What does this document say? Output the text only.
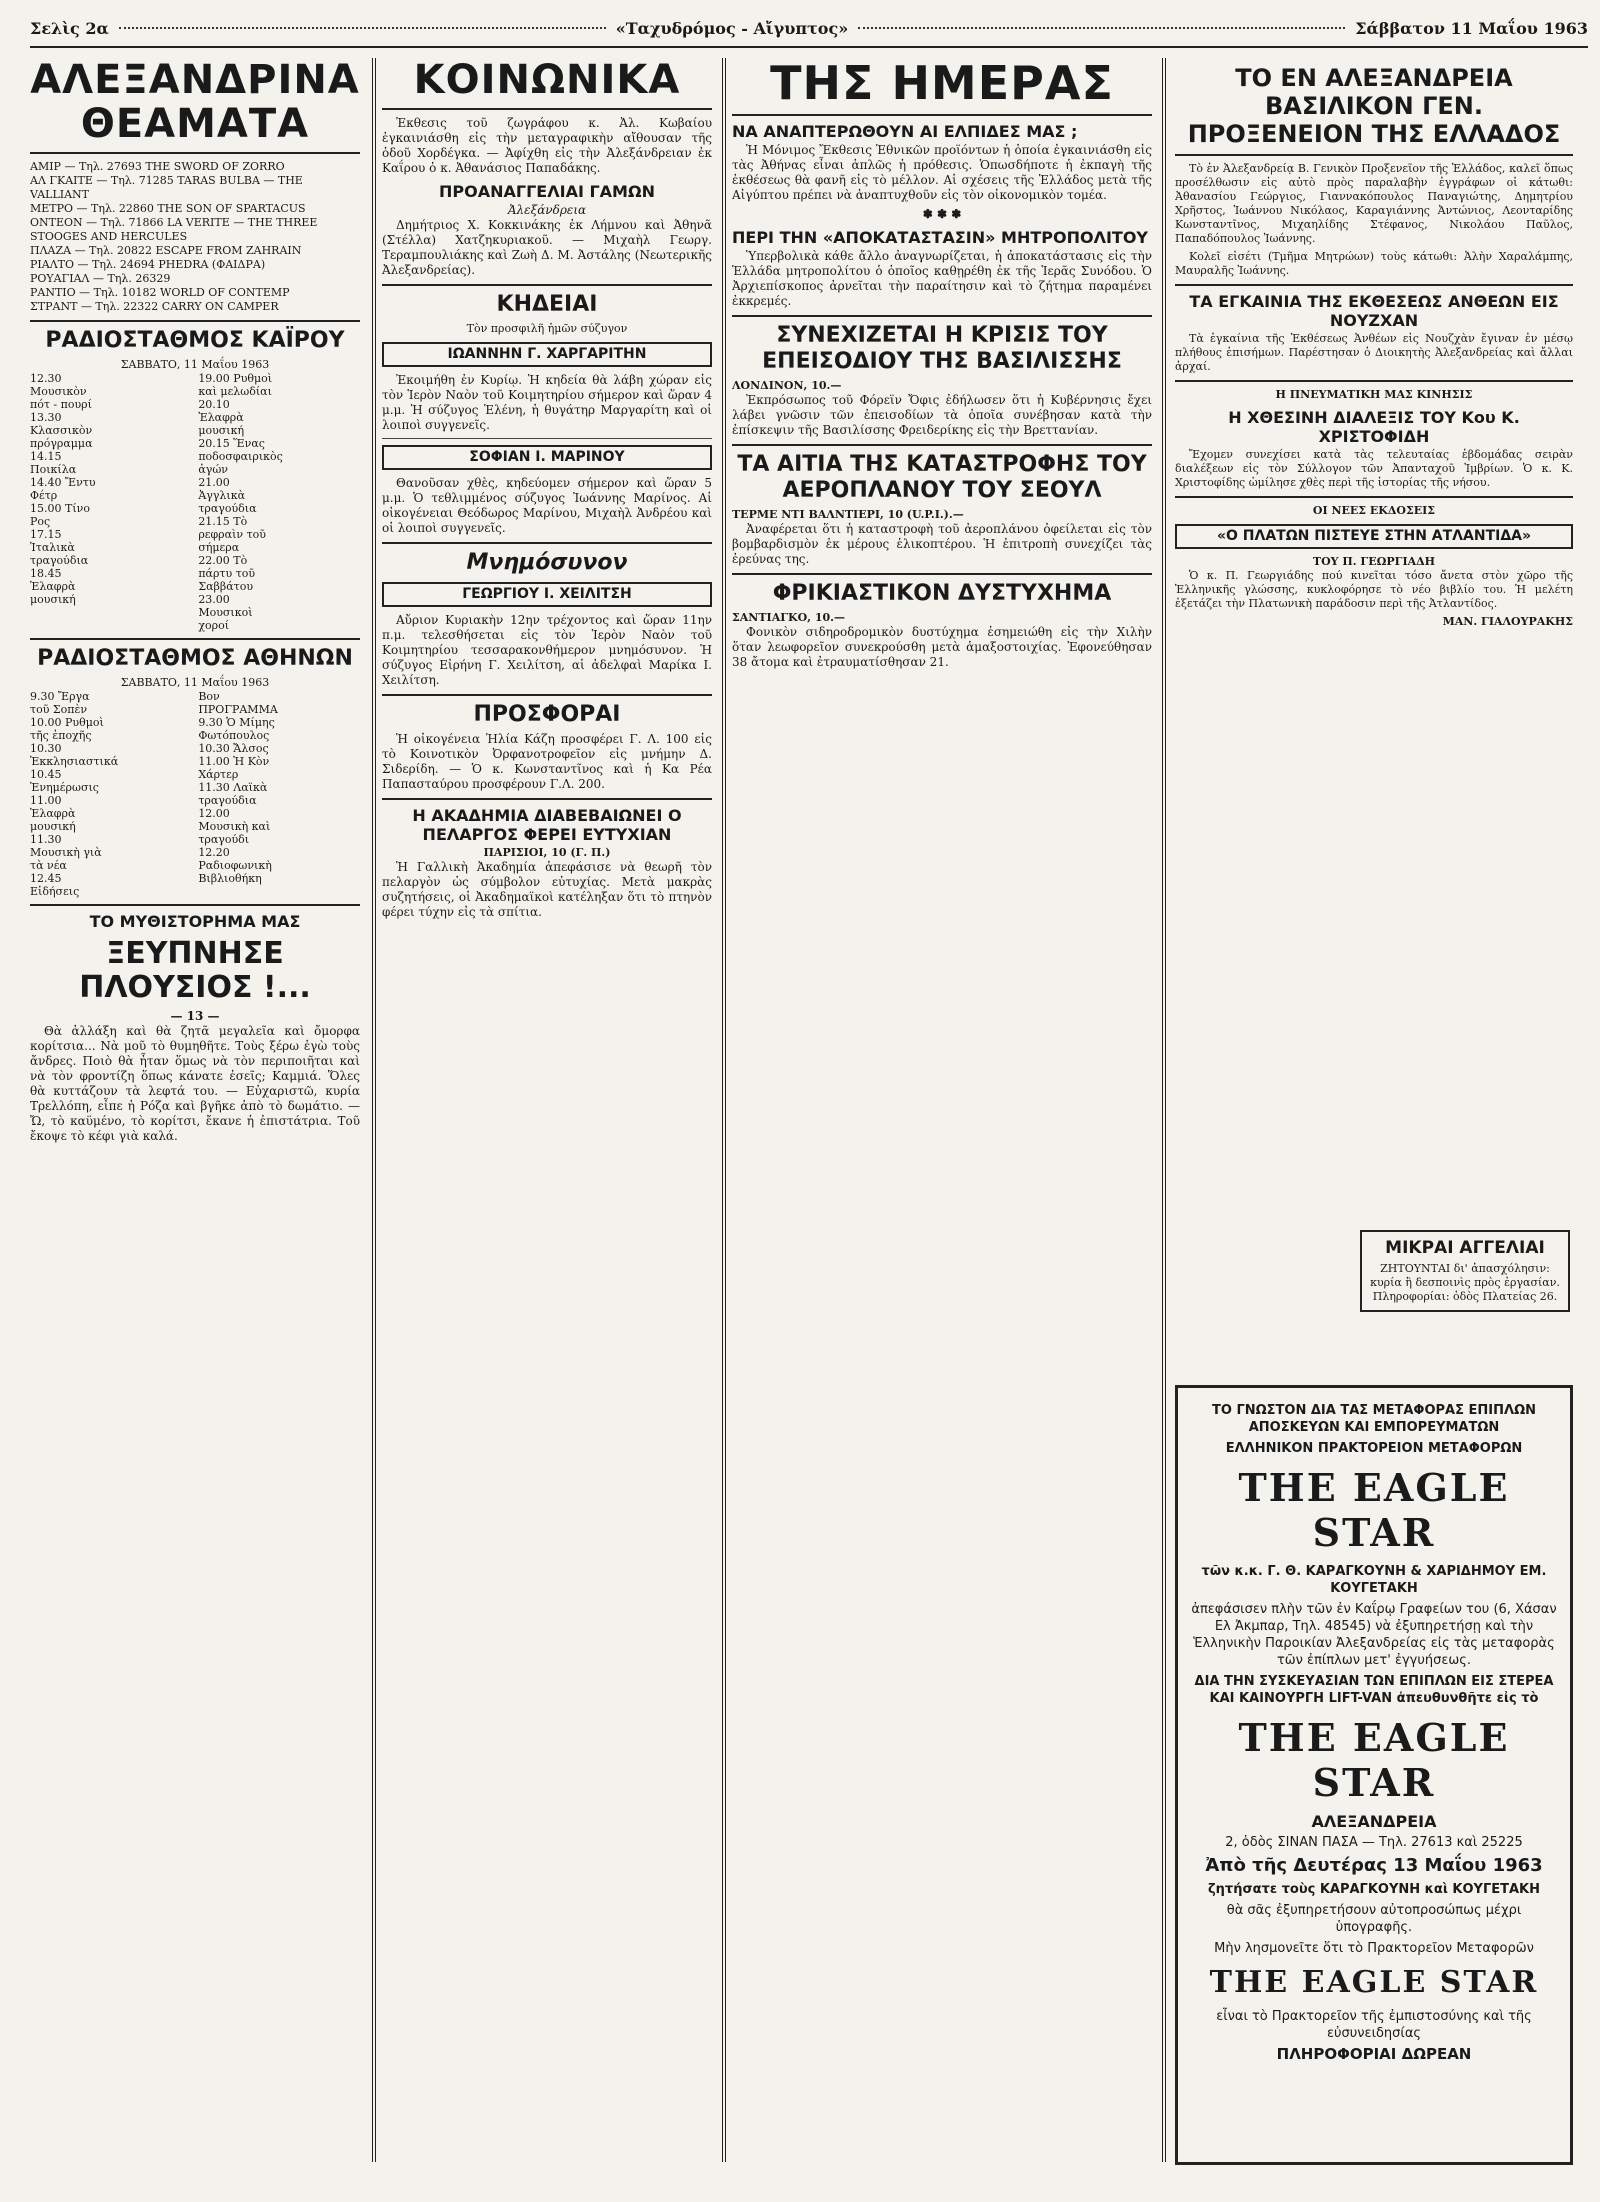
Σελὶς 2α	«Ταχυδρόμος - Αἴγυπτος»	Σάββατον 11 Μαΐου 1963
ΑΛΕΞΑΝΔΡΙΝΑ ΘΕΑΜΑΤΑ
ΑΜΙΡ — Τηλ. 27693 THE SWORD OF ZORRO
ΑΛ ΓΚΑΙΤΕ — Τηλ. 71285 TARAS BULBA — THE VALLIANT
ΜΕΤΡΟ — Τηλ. 22860 THE SON OF SPARTACUS
ΟΝΤΕΟΝ — Τηλ. 71866 LA VERITE — THE THREE STOOGES AND HERCULES
ΠΛΑΖΑ — Τηλ. 20822 ESCAPE FROM ZAHRAIN
ΡΙΑΛΤΟ — Τηλ. 24694 PHEDRA (ΦΑΙΔΡΑ)
ΡΟΥΑΓΙΑΛ — Τηλ. 26329
ΡΑΝΤΙΟ — Τηλ. 10182 WORLD OF CONTEMP
ΣΤΡΑΝΤ — Τηλ. 22322 CARRY ON CAMPER
ΡΑΔΙΟΣΤΑΘΜΟΣ ΚΑΪΡΟΥ
ΣΑΒΒΑΤΟ, 11 Μαΐου 1963
12.30 Μουσικὸν πότ - πουρί
13.30 Κλασσικὸν πρόγραμμα
14.15 Ποικίλα
14.40 Ἔντυ Φέτρ
15.00 Τίνο Ρος
17.15 Ἰταλικὰ τραγούδια
18.45 Ἐλαφρὰ μουσική
19.00 Ρυθμοὶ καὶ μελωδίαι
20.10 Ἐλαφρὰ μουσική
20.15 Ἕνας ποδοσφαιρικὸς ἀγών
21.00 Ἀγγλικὰ τραγούδια
21.15 Τὸ ρεφραὶν τοῦ σήμερα
22.00 Τὸ πάρτυ τοῦ Σαββάτου
23.00 Μουσικοὶ χοροί
ΡΑΔΙΟΣΤΑΘΜΟΣ ΑΘΗΝΩΝ
ΣΑΒΒΑΤΟ, 11 Μαΐου 1963
9.30 Ἔργα τοῦ Σοπὲν
10.00 Ρυθμοὶ τῆς ἐποχῆς
10.30 Ἐκκλησιαστικά
10.45 Ἐνημέρωσις
11.00 Ἐλαφρὰ μουσική
11.30 Μουσικὴ γιὰ τὰ νέα
12.45 Εἰδήσεις
Βον ΠΡΟΓΡΑΜΜΑ
9.30 Ὁ Μίμης Φωτόπουλος
10.30 Ἄλσος
11.00 Ἡ Κὸν Χάρτερ
11.30 Λαϊκὰ τραγούδια
12.00 Μουσικὴ καὶ τραγούδι
12.20 Ραδιοφωνικὴ Βιβλιοθήκη
ΤΟ ΜΥΘΙΣΤΟΡΗΜΑ ΜΑΣ
ΞΕΥΠΝΗΣΕ ΠΛΟΥΣΙΟΣ !...
— 13 —

Θὰ ἀλλάξη καὶ θὰ ζητᾶ μεγαλεῖα καὶ ὄμορφα κορίτσια... Νὰ μοῦ τὸ θυμηθῆτε. Τοὺς ξέρω ἐγὼ τοὺς ἄνδρες. Ποιὸ θὰ ἦταν ὅμως νὰ τὸν περιποιῆται καὶ νὰ τὸν φροντίζη ὅπως κάνατε ἐσεῖς; Καμμιά. Ὅλες θὰ κυττάζουν τὰ λεφτά του. — Εὐχαριστῶ, κυρία Τρελλόπη, εἶπε ἡ Ρόζα καὶ βγῆκε ἀπὸ τὸ δωμάτιο. — Ὤ, τὸ καϋμένο, τὸ κορίτσι, ἔκανε ἡ ἐπιστάτρια. Τοῦ ἔκοψε τὸ κέφι γιὰ καλά.

ΚΟΙΝΩΝΙΚΑ

Ἐκθεσις τοῦ ζωγράφου κ. Ἀλ. Κωβαίου ἐγκαινιάσθη εἰς τὴν μεταγραφικὴν αἴθουσαν τῆς ὁδοῦ Χορδέγκα. — Ἀφίχθη εἰς τὴν Ἀλεξάνδρειαν ἐκ Καΐρου ὁ κ. Ἀθανάσιος Παπαδάκης.

ΠΡΟΑΝΑΓΓΕΛΙΑΙ ΓΑΜΩΝ
Ἀλεξάνδρεια

Δημήτριος Χ. Κοκκινάκης ἐκ Λήμνου καὶ Ἀθηνᾶ (Στέλλα) Χατζηκυριακοῦ. — Μιχαὴλ Γεωργ. Τεραμπουλιάκης καὶ Ζωὴ Δ. Μ. Ἀστάλης (Νεωτερικῆς Ἀλεξανδρείας).

ΚΗΔΕΙΑΙ
Τὸν προσφιλῆ ἡμῶν σύζυγον
ΙΩΑΝΝΗΝ Γ. ΧΑΡΓΑΡΙΤΗΝ

Ἐκοιμήθη ἐν Κυρίῳ. Ἡ κηδεία θὰ λάβη χώραν εἰς τὸν Ἱερὸν Ναὸν τοῦ Κοιμητηρίου σήμερον καὶ ὥραν 4 μ.μ. Ἡ σύζυγος Ἑλένη, ἡ θυγάτηρ Μαργαρίτη καὶ οἱ λοιποὶ συγγενεῖς.

ΣΟΦΙΑΝ Ι. ΜΑΡΙΝΟΥ

Θανοῦσαν χθὲς, κηδεύομεν σήμερον καὶ ὥραν 5 μ.μ. Ὁ τεθλιμμένος σύζυγος Ἰωάννης Μαρίνος. Αἱ οἰκογένειαι Θεόδωρος Μαρίνου, Μιχαὴλ Ἀνδρέου καὶ οἱ λοιποὶ συγγενεῖς.

Μνημόσυνον
ΓΕΩΡΓΙΟΥ Ι. ΧΕΙΛΙΤΣΗ

Αὔριον Κυριακὴν 12ην τρέχοντος καὶ ὥραν 11ην π.μ. τελεσθήσεται εἰς τὸν Ἱερὸν Ναὸν τοῦ Κοιμητηρίου τεσσαρακονθήμερον μνημόσυνον. Ἡ σύζυγος Εἰρήνη Γ. Χειλίτση, αἱ ἀδελφαὶ Μαρίκα Ι. Χειλίτση.

ΠΡΟΣΦΟΡΑΙ

Ἡ οἰκογένεια Ἠλία Κάζη προσφέρει Γ. Λ. 100 εἰς τὸ Κοινοτικὸν Ὀρφανοτροφεῖον εἰς μνήμην Δ. Σιδερίδη. — Ὁ κ. Κωνσταντῖνος καὶ ἡ Κα Ρέα Παπασταύρου προσφέρουν Γ.Λ. 200.

Η ΑΚΑΔΗΜΙΑ ΔΙΑΒΕΒΑΙΩΝΕΙ Ο ΠΕΛΑΡΓΟΣ ΦΕΡΕΙ ΕΥΤΥΧΙΑΝ
ΠΑΡΙΣΙΟΙ, 10 (Γ. Π.)

Ἡ Γαλλικὴ Ἀκαδημία ἀπεφάσισε νὰ θεωρῆ τὸν πελαργὸν ὡς σύμβολον εὐτυχίας. Μετὰ μακρὰς συζητήσεις, οἱ Ἀκαδημαϊκοὶ κατέληξαν ὅτι τὸ πτηνὸν φέρει τύχην εἰς τὰ σπίτια.

ΤΗΣ ΗΜΕΡΑΣ
ΝΑ ΑΝΑΠΤΕΡΩΘΟΥΝ ΑΙ ΕΛΠΙΔΕΣ ΜΑΣ ;

Ἡ Μόνιμος Ἔκθεσις Ἑθνικῶν προϊόντων ἡ ὁποία ἐγκαινιάσθη εἰς τὰς Ἀθήνας εἶναι ἁπλῶς ἡ πρόθεσις. Ὁπωσδήποτε ἡ ἐκπαγὴ τῆς ἐκθέσεως θὰ φανῆ εἰς τὸ μέλλον. Αἱ σχέσεις τῆς Ἑλλάδος μετὰ τῆς Αἰγύπτου πρέπει νὰ ἀναπτυχθοῦν εἰς τὸν οἰκονομικὸν τομέα.

✽ ✽ ✽
ΠΕΡΙ ΤΗΝ «ΑΠΟΚΑΤΑΣΤΑΣΙΝ» ΜΗΤΡΟΠΟΛΙΤΟΥ

Ὑπερβολικὰ κάθε ἄλλο ἀναγνωρίζεται, ἡ ἀποκατάστασις εἰς τὴν Ἑλλάδα μητροπολίτου ὁ ὁποῖος καθῃρέθη ἐκ τῆς Ἱερᾶς Συνόδου. Ὁ Ἀρχιεπίσκοπος ἀρνεῖται τὴν παραίτησιν καὶ τὸ ζήτημα παραμένει ἐκκρεμές.

ΣΥΝΕΧΙΖΕΤΑΙ Η ΚΡΙΣΙΣ ΤΟΥ ΕΠΕΙΣΟΔΙΟΥ ΤΗΣ ΒΑΣΙΛΙΣΣΗΣ
ΛΟΝΔΙΝΟΝ, 10.—

Ἐκπρόσωπος τοῦ Φόρεϊν Ὄφις ἐδήλωσεν ὅτι ἡ Κυβέρνησις ἔχει λάβει γνῶσιν τῶν ἐπεισοδίων τὰ ὁποῖα συνέβησαν κατὰ τὴν ἐπίσκεψιν τῆς Βασιλίσσης Φρειδερίκης εἰς τὴν Βρεττανίαν.

ΤΑ ΑΙΤΙΑ ΤΗΣ ΚΑΤΑΣΤΡΟΦΗΣ ΤΟΥ ΑΕΡΟΠΛΑΝΟΥ ΤΟΥ ΣΕΟΥΛ
ΤΕΡΜΕ ΝΤΙ ΒΑΛΝΤΙΕΡΙ, 10 (U.P.I.).—

Ἀναφέρεται ὅτι ἡ καταστροφὴ τοῦ ἀεροπλάνου ὀφείλεται εἰς τὸν βομβαρδισμὸν ἐκ μέρους ἑλικοπτέρου. Ἡ ἐπιτροπὴ συνεχίζει τὰς ἐρεύνας της.

ΦΡΙΚΙΑΣΤΙΚΟΝ ΔΥΣΤΥΧΗΜΑ
ΣΑΝΤΙΑΓΚΟ, 10.—

Φονικὸν σιδηροδρομικὸν δυστύχημα ἐσημειώθη εἰς τὴν Χιλὴν ὅταν λεωφορεῖον συνεκρούσθη μετὰ ἁμαξοστοιχίας. Ἐφονεύθησαν 38 ἄτομα καὶ ἐτραυματίσθησαν 21.

ΤΟ ΕΝ ΑΛΕΞΑΝΔΡΕΙΑ ΒΑΣΙΛΙΚΟΝ ΓΕΝ. ΠΡΟΞΕΝΕΙΟΝ ΤΗΣ ΕΛΛΑΔΟΣ

Τὸ ἐν Ἀλεξανδρείᾳ Β. Γενικὸν Προξενεῖον τῆς Ἑλλάδος, καλεῖ ὅπως προσέλθωσιν εἰς αὐτὸ πρὸς παραλαβὴν ἐγγράφων οἱ κάτωθι: Ἀθανασίου Γεώργιος, Γιαννακόπουλος Παναγιώτης, Δημητρίου Χρῆστος, Ἰωάννου Νικόλαος, Καραγιάννης Ἀντώνιος, Λεονταρίδης Κωνσταντῖνος, Μιχαηλίδης Στέφανος, Νικολάου Παῦλος, Παπαδόπουλος Ἰωάννης.

Κολεῖ εἰσέτι (Τμῆμα Μητρώων) τοὺς κάτωθι: Ἀλὴν Χαραλάμπης, Μαυραλῆς Ἰωάννης.

ΤΑ ΕΓΚΑΙΝΙΑ ΤΗΣ ΕΚΘΕΣΕΩΣ ΑΝΘΕΩΝ ΕΙΣ ΝΟΥΖΧΑΝ

Τὰ ἐγκαίνια τῆς Ἐκθέσεως Ἀνθέων εἰς Νουζχὰν ἔγιναν ἐν μέσῳ πλήθους ἐπισήμων. Παρέστησαν ὁ Διοικητὴς Ἀλεξανδρείας καὶ ἄλλαι ἀρχαί.

Η ΠΝΕΥΜΑΤΙΚΗ ΜΑΣ ΚΙΝΗΣΙΣ
Η ΧΘΕΣΙΝΗ ΔΙΑΛΕΞΙΣ ΤΟΥ Κου Κ. ΧΡΙΣΤΟΦΙΔΗ

Ἔχομεν συνεχίσει κατὰ τὰς τελευταίας ἑβδομάδας σειρὰν διαλέξεων εἰς τὸν Σύλλογον τῶν Ἀπανταχοῦ Ἰμβρίων. Ὁ κ. Κ. Χριστοφίδης ὡμίλησε χθὲς περὶ τῆς ἱστορίας τῆς νήσου.

ΟΙ ΝΕΕΣ ΕΚΔΟΣΕΙΣ
«Ο ΠΛΑΤΩΝ ΠΙΣΤΕΥΕ ΣΤΗΝ ΑΤΛΑΝΤΙΔΑ»
ΤΟΥ Π. ΓΕΩΡΓΙΑΔΗ

Ὁ κ. Π. Γεωργιάδης πού κινεῖται τόσο ἄνετα στὸν χῶρο τῆς Ἑλληνικῆς γλώσσης, κυκλοφόρησε τὸ νέο βιβλίο του. Ἡ μελέτη ἐξετάζει τὴν Πλατωνικὴ παράδοσιν περὶ τῆς Ἀτλαντίδος.

ΜΑΝ. ΓΙΑΛΟΥΡΑΚΗΣ
ΜΙΚΡΑΙ ΑΓΓΕΛΙΑΙ
ΖΗΤΟΥΝΤΑΙ δι' ἀπασχόλησιν: κυρία ἢ δεσποινὶς πρὸς ἐργασίαν. Πληροφορίαι: ὁδὸς Πλατείας 26.

ΤΟ ΓΝΩΣΤΟΝ ΔΙΑ ΤΑΣ ΜΕΤΑΦΟΡΑΣ ΕΠΙΠΛΩΝ ΑΠΟΣΚΕΥΩΝ ΚΑΙ ΕΜΠΟΡΕΥΜΑΤΩΝ

ΕΛΛΗΝΙΚΟΝ ΠΡΑΚΤΟΡΕΙΟΝ ΜΕΤΑΦΟΡΩΝ

THE EAGLE STAR

τῶν κ.κ. Γ. Θ. ΚΑΡΑΓΚΟΥΝΗ & ΧΑΡΙΔΗΜΟΥ ΕΜ. ΚΟΥΓΕΤΑΚΗ

ἀπεφάσισεν πλὴν τῶν ἐν Καΐρῳ Γραφείων του (6, Χάσαν Ελ Ἀκμπαρ, Τηλ. 48545) νὰ ἐξυπηρετήσῃ καὶ τὴν Ἑλληνικὴν Παροικίαν Ἀλεξανδρείας εἰς τὰς μεταφορὰς τῶν ἐπίπλων μετ' ἐγγυήσεως.

ΔΙΑ ΤΗΝ ΣΥΣΚΕΥΑΣΙΑΝ ΤΩΝ ΕΠΙΠΛΩΝ ΕΙΣ ΣΤΕΡΕΑ ΚΑΙ ΚΑΙΝΟΥΡΓΗ LIFT-VAN ἀπευθυνθῆτε εἰς τὸ

THE EAGLE STAR

ΑΛΕΞΑΝΔΡΕΙΑ

2, ὁδὸς ΣΙΝΑΝ ΠΑΣΑ — Τηλ. 27613 καὶ 25225

Ἀπὸ τῆς Δευτέρας 13 Μαΐου 1963

ζητήσατε τοὺς ΚΑΡΑΓΚΟΥΝΗ καὶ ΚΟΥΓΕΤΑΚΗ

θὰ σᾶς ἐξυπηρετήσουν αὐτοπροσώπως μέχρι ὑπογραφῆς.

Μὴν λησμονεῖτε ὅτι τὸ Πρακτορεῖον Μεταφορῶν

THE EAGLE STAR

εἶναι τὸ Πρακτορεῖον τῆς ἐμπιστοσύνης καὶ τῆς εὐσυνειδησίας

ΠΛΗΡΟΦΟΡΙΑΙ ΔΩΡΕΑΝ
